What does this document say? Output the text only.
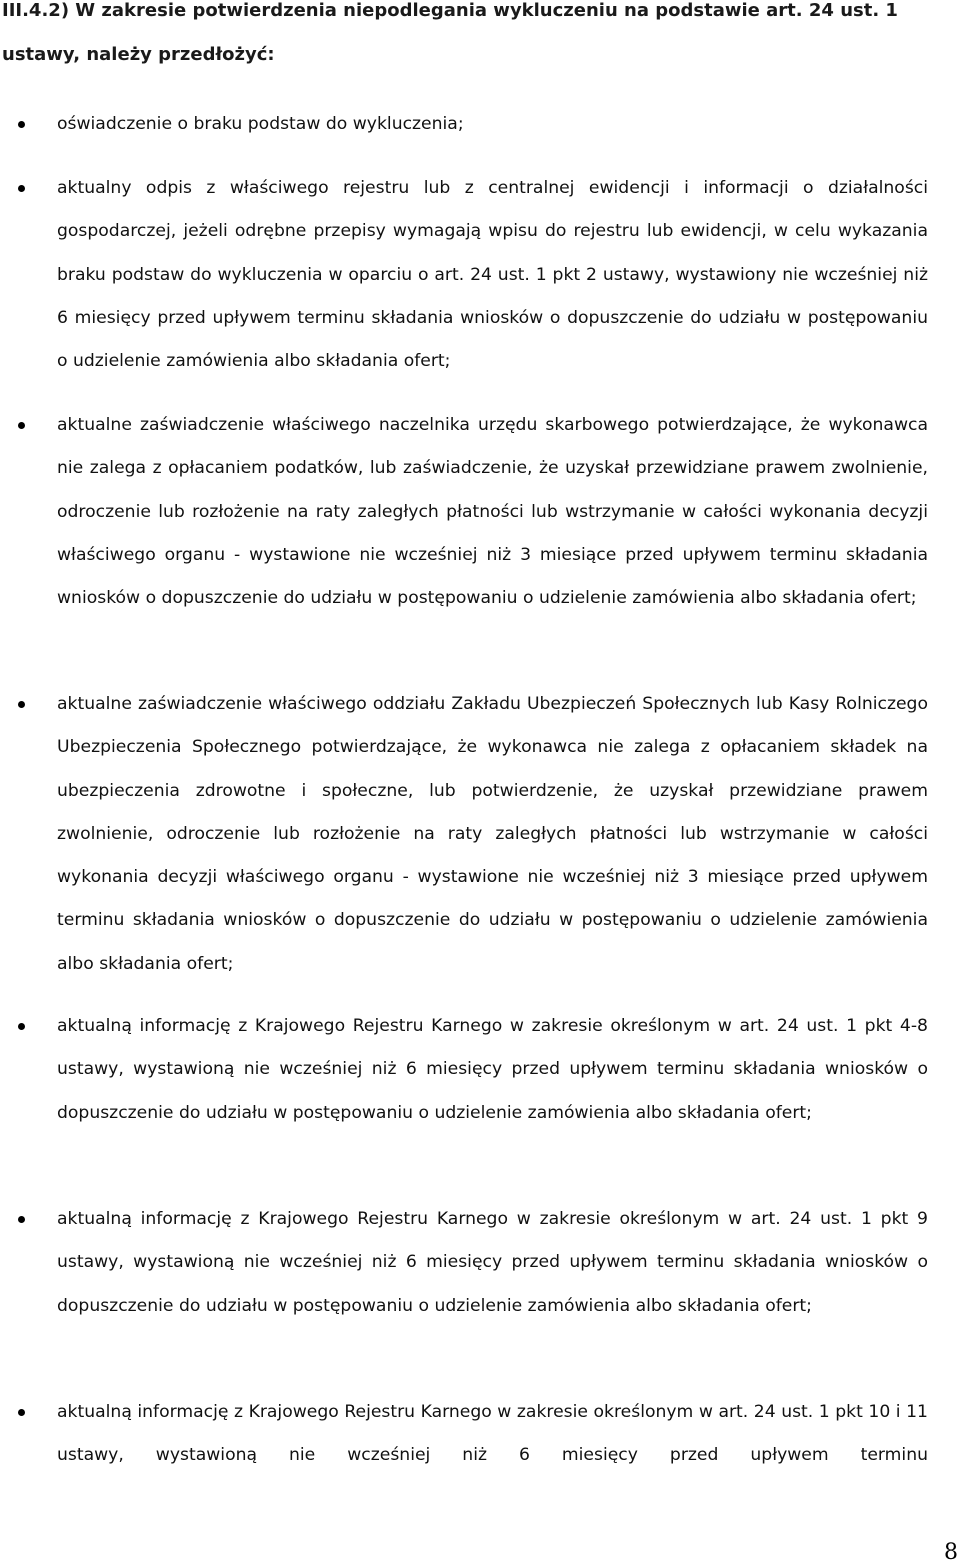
III.4.2) W zakresie potwierdzenia niepodlegania wykluczeniu na podstawie art. 24 ust. 1 ustawy, należy przedłożyć:

oświadczenie o braku podstaw do wykluczenia;

aktualny odpis z właściwego rejestru lub z centralnej ewidencji i informacji o działalności gospodarczej, jeżeli odrębne przepisy wymagają wpisu do rejestru lub ewidencji, w celu wykazania braku podstaw do wykluczenia w oparciu o art. 24 ust. 1 pkt 2 ustawy, wystawiony nie wcześniej niż 6 miesięcy przed upływem terminu składania wniosków o dopuszczenie do udziału w postępowaniu o udzielenie zamówienia albo składania ofert;

aktualne zaświadczenie właściwego naczelnika urzędu skarbowego potwierdzające, że wykonawca nie zalega z opłacaniem podatków, lub zaświadczenie, że uzyskał przewidziane prawem zwolnienie, odroczenie lub rozłożenie na raty zaległych płatności lub wstrzymanie w całości wykonania decyzji właściwego organu - wystawione nie wcześniej niż 3 miesiące przed upływem terminu składania wniosków o dopuszczenie do udziału w postępowaniu o udzielenie zamówienia albo składania ofert;

aktualne zaświadczenie właściwego oddziału Zakładu Ubezpieczeń Społecznych lub Kasy Rolniczego Ubezpieczenia Społecznego potwierdzające, że wykonawca nie zalega z opłacaniem składek na ubezpieczenia zdrowotne i społeczne, lub potwierdzenie, że uzyskał przewidziane prawem zwolnienie, odroczenie lub rozłożenie na raty zaległych płatności lub wstrzymanie w całości wykonania decyzji właściwego organu - wystawione nie wcześniej niż 3 miesiące przed upływem terminu składania wniosków o dopuszczenie do udziału w postępowaniu o udzielenie zamówienia albo składania ofert;

aktualną informację z Krajowego Rejestru Karnego w zakresie określonym w art. 24 ust. 1 pkt 4-8 ustawy, wystawioną nie wcześniej niż 6 miesięcy przed upływem terminu składania wniosków o dopuszczenie do udziału w postępowaniu o udzielenie zamówienia albo składania ofert;

aktualną informację z Krajowego Rejestru Karnego w zakresie określonym w art. 24 ust. 1 pkt 9 ustawy, wystawioną nie wcześniej niż 6 miesięcy przed upływem terminu składania wniosków o dopuszczenie do udziału w postępowaniu o udzielenie zamówienia albo składania ofert;

aktualną informację z Krajowego Rejestru Karnego w zakresie określonym w art. 24 ust. 1 pkt 10 i 11 ustawy, wystawioną nie wcześniej niż 6 miesięcy przed upływem terminu

8
